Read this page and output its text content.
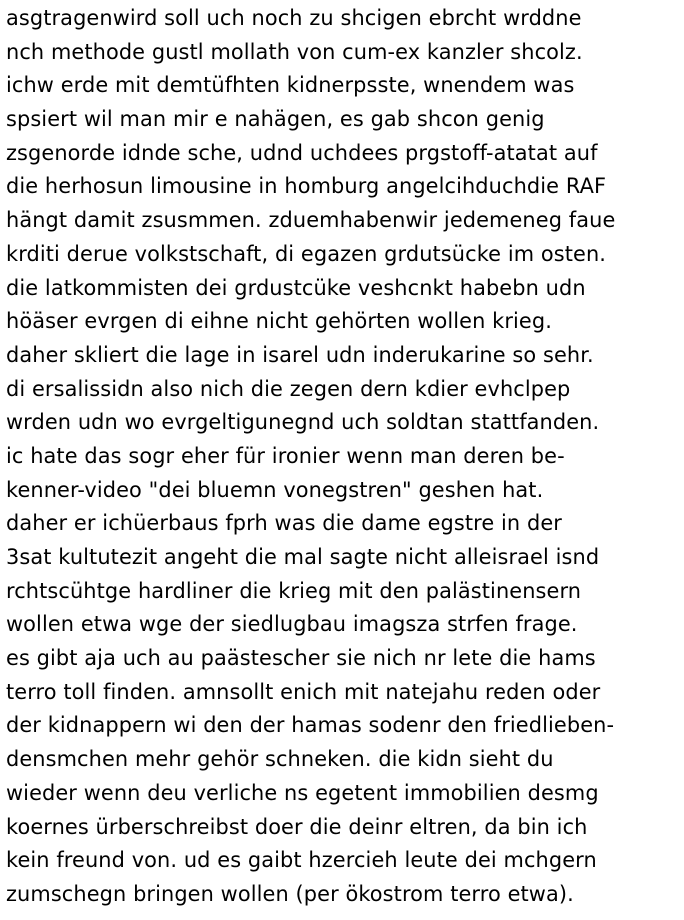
asgtragenwird soll uch noch zu shcigen ebrcht wrddne
nch methode gustl mollath von cum-ex kanzler shcolz.
ichw erde mit demtüfhten kidnerpsste, wnendem was
spsiert wil man mir e nahägen, es gab shcon genig
zsgenorde idnde sche, udnd uchdees prgstoff-atatat auf
die herhosun limousine in homburg angelcihduchdie RAF
hängt damit zsusmmen. zduemhabenwir jedemeneg faue
krditi derue volkstschaft, di egazen grdutsücke im osten.
die latkommisten dei grdustcüke veshcnkt habebn udn
höäser evrgen di eihne nicht gehörten wollen krieg.
daher skliert die lage in isarel udn inderukarine so sehr.
di ersalissidn also nich die zegen dern kdier evhclpep
wrden udn wo evrgeltigunegnd uch soldtan stattfanden.
ic hate das sogr eher für ironier wenn man deren be-
kenner-video "dei bluemn vonegstren" geshen hat.
daher er ichüerbaus fprh was die dame egstre in der
3sat kultutezit angeht die mal sagte nicht alleisrael isnd
rchtscühtge hardliner die krieg mit den palästinensern
wollen etwa wge der siedlugbau imagsza strfen frage.
es gibt aja uch au paästescher sie nich nr lete die hams
terro toll finden. amnsollt enich mit natejahu reden oder
der kidnappern wi den der hamas sodenr den friedlieben-
densmchen mehr gehör schneken. die kidn sieht du
wieder wenn deu verliche ns egetent immobilien desmg
koernes ürberschreibst doer die deinr eltren, da bin ich
kein freund von. ud es gaibt hzercieh leute dei mchgern
zumschegn bringen wollen (per ökostrom terro etwa).
